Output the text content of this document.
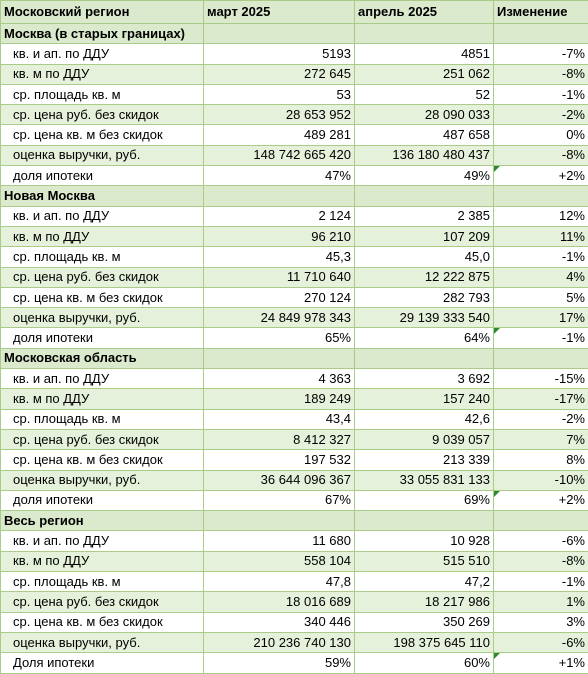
Московский регион	март 2025	апрель 2025	Изменение
Москва (в старых границах)			
кв. и ап. по ДДУ	5193	4851	-7%
кв. м по ДДУ	272 645	251 062	-8%
ср. площадь кв. м	53	52	-1%
ср. цена руб. без скидок	28 653 952	28 090 033	-2%
ср. цена кв. м без скидок	489 281	487 658	0%
оценка выручки, руб.	148 742 665 420	136 180 480 437	-8%
доля ипотеки	47%	49%	+2%
Новая Москва			
кв. и ап. по ДДУ	2 124	2 385	12%
кв. м по ДДУ	96 210	107 209	11%
ср. площадь кв. м	45,3	45,0	-1%
ср. цена руб. без скидок	11 710 640	12 222 875	4%
ср. цена кв. м без скидок	270 124	282 793	5%
оценка выручки, руб.	24 849 978 343	29 139 333 540	17%
доля ипотеки	65%	64%	-1%
Московская область			
кв. и ап. по ДДУ	4 363	3 692	-15%
кв. м по ДДУ	189 249	157 240	-17%
ср. площадь кв. м	43,4	42,6	-2%
ср. цена руб. без скидок	8 412 327	9 039 057	7%
ср. цена кв. м без скидок	197 532	213 339	8%
оценка выручки, руб.	36 644 096 367	33 055 831 133	-10%
доля ипотеки	67%	69%	+2%
Весь регион			
кв. и ап. по ДДУ	11 680	10 928	-6%
кв. м по ДДУ	558 104	515 510	-8%
ср. площадь кв. м	47,8	47,2	-1%
ср. цена руб. без скидок	18 016 689	18 217 986	1%
ср. цена кв. м без скидок	340 446	350 269	3%
оценка выручки, руб.	210 236 740 130	198 375 645 110	-6%
Доля ипотеки	59%	60%	+1%
